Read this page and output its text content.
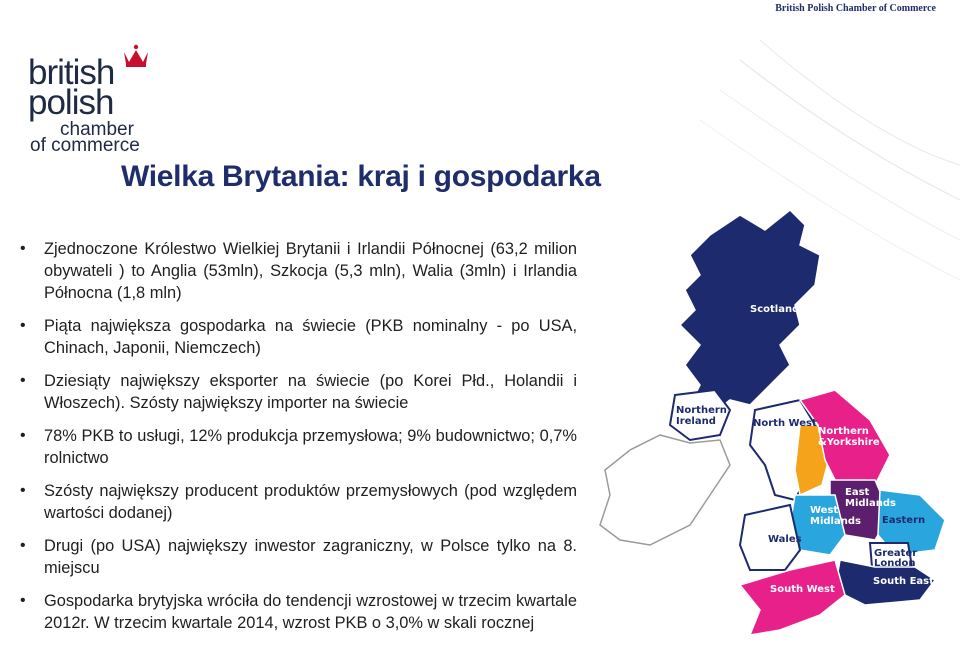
British Polish Chamber of Commerce
british
polish
chamber
of commerce
Wielka Brytania: kraj i gospodarka
• Zjednoczone Królestwo Wielkiej Brytanii i Irlandii Północnej (63,2 milion obywateli ) to Anglia (53mln), Szkocja (5,3 mln), Walia (3mln) i Irlandia Północna (1,8 mln)
• Piąta największa gospodarka na świecie (PKB nominalny - po USA, Chinach, Japonii, Niemczech)
• Dziesiąty największy eksporter na świecie (po Korei Płd., Holandii i Włoszech). Szósty największy importer na świecie
• 78% PKB to usługi, 12% produkcja przemysłowa; 9% budownictwo; 0,7% rolnictwo
• Szósty największy producent produktów przemysłowych (pod względem wartości dodanej)
• Drugi (po USA) największy inwestor zagraniczny, w Polsce tylko na 8. miejscu
• Gospodarka brytyjska wróciła do tendencji wzrostowej w trzecim kwartale 2012r. W trzecim kwartale 2014, wzrost PKB o 3,0% w skali rocznej
Scotland
Northern Ireland	North West
Northern &Yorkshire
East Midlands
West Midlands Eastern
Wales
Greater London
South East
South West
